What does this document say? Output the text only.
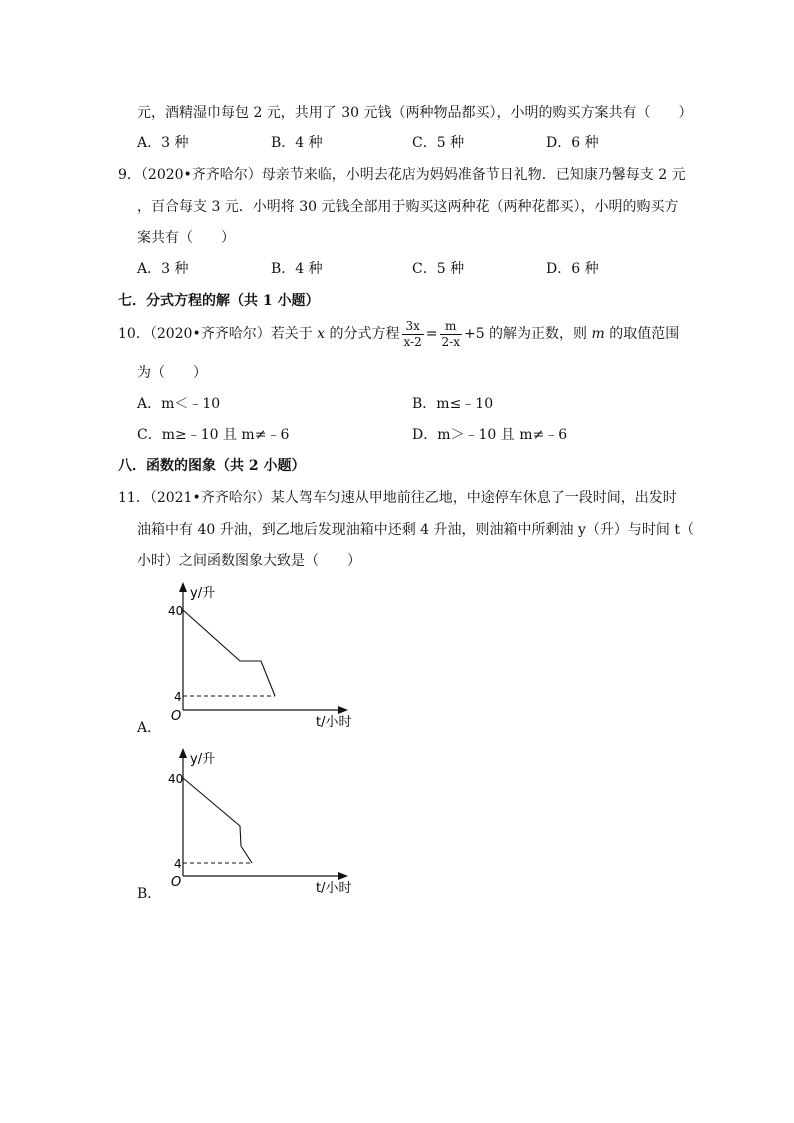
元，酒精湿巾每包 2 元，共用了 30 元钱（两种物品都买），小明的购买方案共有（　　）
A．3 种	B．4 种	C．5 种	D．6 种
9．（2020•齐齐哈尔）母亲节来临，小明去花店为妈妈准备节日礼物．已知康乃馨每支 2 元
，百合每支 3 元．小明将 30 元钱全部用于购买这两种花（两种花都买），小明的购买方
案共有（　　）
A．3 种	B．4 种	C．5 种	D．6 种
七．分式方程的解（共 1 小题）
10．（2020•齐齐哈尔）若关于 x 的分式方程 $\frac{3x}{x-2} = \frac{m}{2-x} +5$ 的解为正数，则 m 的取值范围
为（　　）
A．m＜﹣10	B．m≤﹣10
C．m≥﹣10 且 m≠﹣6	D．m＞﹣10 且 m≠﹣6
八．函数的图象（共 2 小题）
11．（2021•齐齐哈尔）某人驾车匀速从甲地前往乙地，中途停车休息了一段时间，出发时
油箱中有 40 升油，到乙地后发现油箱中还剩 4 升油，则油箱中所剩油 y（升）与时间 t（
小时）之间函数图象大致是（　　）
y/升
40
4
O	t/小时
A．
y/升
40
4
O	t/小时
B．
